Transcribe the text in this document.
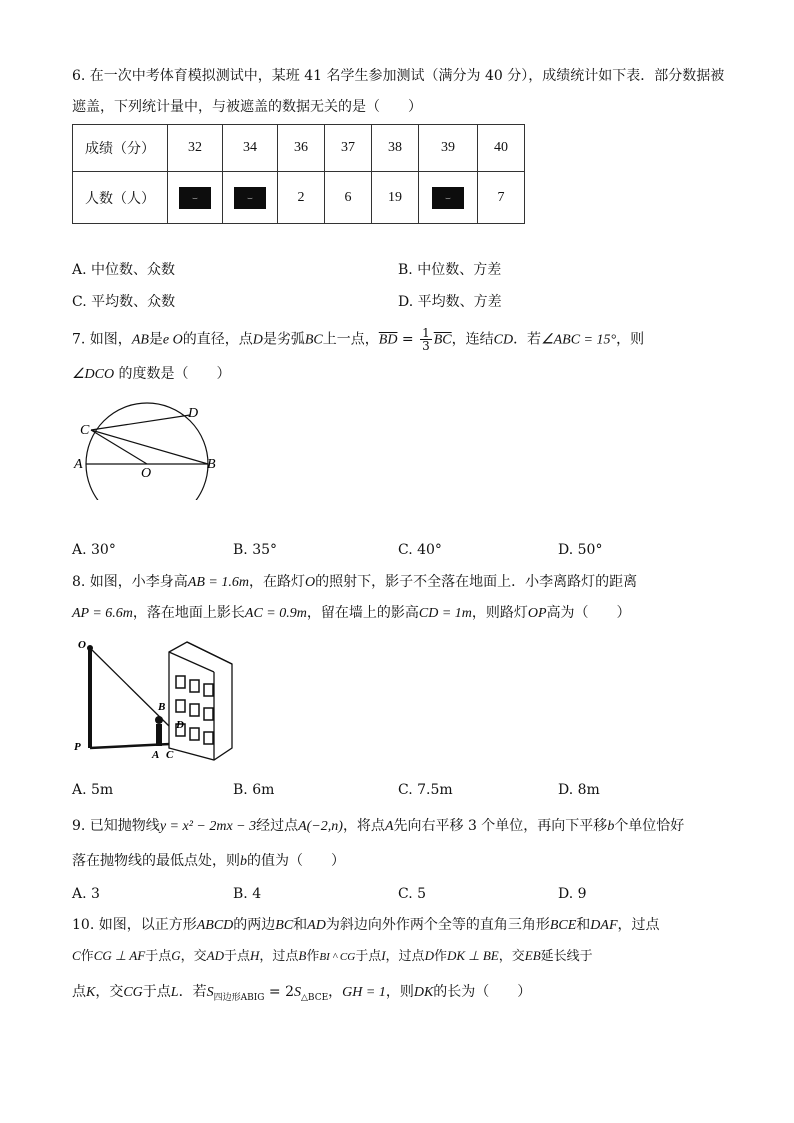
6. 在一次中考体育模拟测试中，某班 41 名学生参加测试（满分为 40 分），成绩统计如下表．部分数据被
遮盖，下列统计量中，与被遮盖的数据无关的是（　　）
成绩（分）	32	34	36	37	38	39	40
人数（人）	⌣	⌣	2	6	19	⌣	7
A. 中位数、众数	B. 中位数、方差
C. 平均数、众数	D. 平均数、方差
7. 如图，AB是e O的直径，点D是劣弧BC上一点，$\overline{BD} = \frac{1}{3} \overline{BC}$，连结CD．若∠ABC = 15°，则
∠DCO 的度数是（　　）
C
D
A
O
B
A. 30°	B. 35°	C. 40°	D. 50°
8. 如图，小李身高AB = 1.6m，在路灯O的照射下，影子不全落在地面上．小李离路灯的距离
AP = 6.6m，落在地面上影长AC = 0.9m，留在墙上的影高CD = 1m，则路灯OP高为（　　）
O
P
B
D
A C
A. 5m	B. 6m	C. 7.5m	D. 8m
9. 已知抛物线y = x² − 2mx − 3经过点A(−2,n)，将点A先向右平移 3 个单位，再向下平移b个单位恰好
落在抛物线的最低点处，则b的值为（　　）
A. 3	B. 4	C. 5	D. 9
10. 如图，以正方形ABCD的两边BC和AD为斜边向外作两个全等的直角三角形BCE和DAF，过点
C作CG ⊥ AF于点G，交AD于点H，过点B作BI ^ CG于点I，过点D作DK ⊥ BE，交EB延长线于
点K，交CG于点L．若$S_{四边形ABIG} = 2S_{\triangle BCE}$，GH = 1，则DK的长为（　　）
